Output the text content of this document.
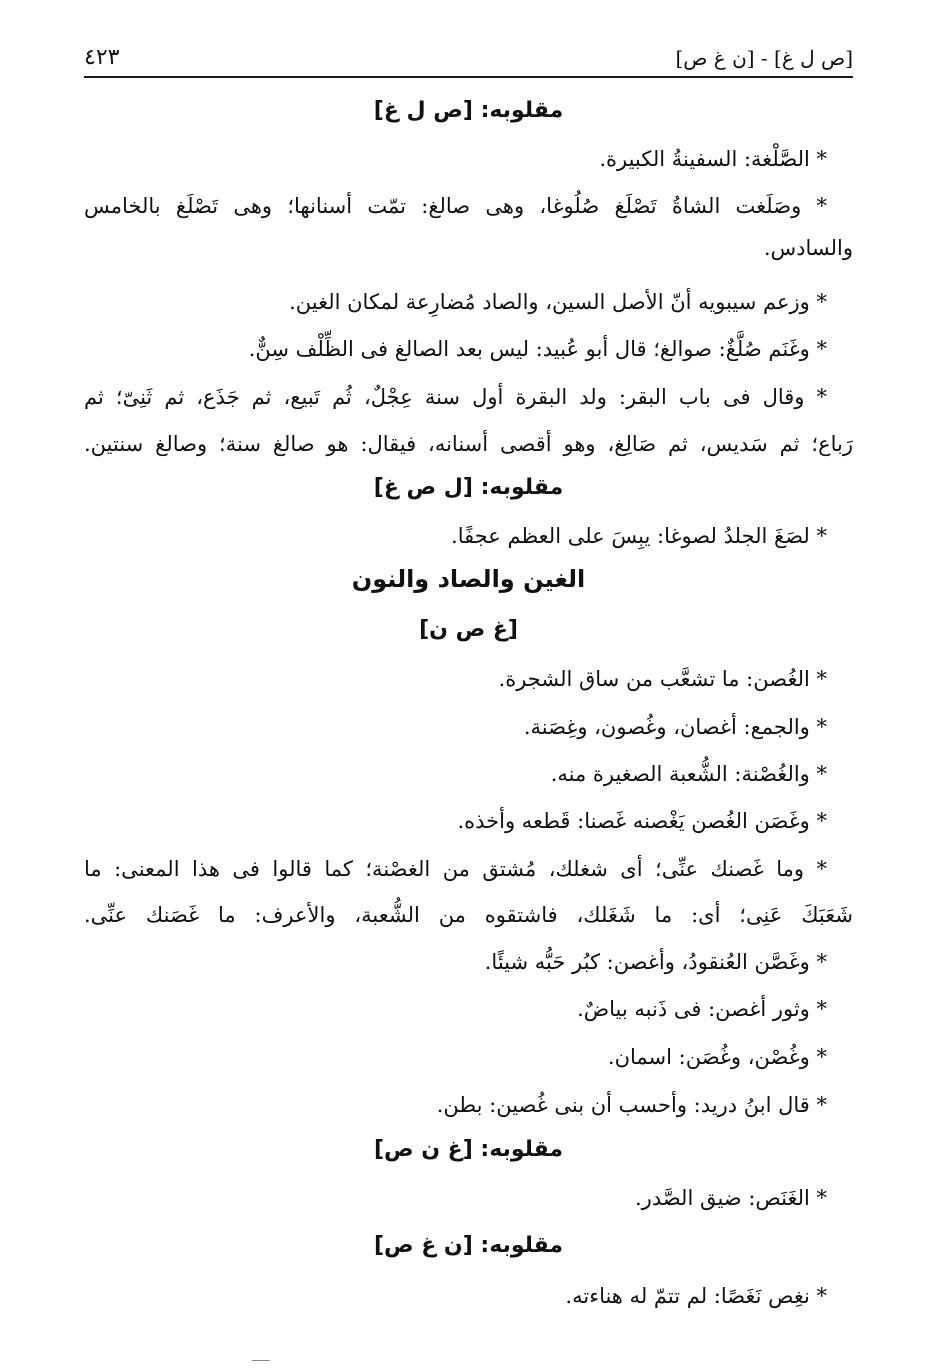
[ص ل غ] - [ن غ ص]
٤٢٣
مقلوبه: [ص ل غ]

* الصَّلْغة: السفينةُ الكبيرة.

* وصَلَغت الشاةُ تَصْلَغ صُلُوغا، وهى صالغ: تمّت أسنانها؛ وهى تَصْلَغ بالخامس

والسادس.

* وزعم سيبويه أنّ الأصل السين، والصاد مُضارِعة لمكان الغين.

* وغَنَم صُلَّغٌ: صوالغ؛ قال أبو عُبيد: ليس بعد الصالغ فى الظِّلْف سِنٌّ.

* وقال فى باب البقر: ولد البقرة أول سنة عِجْلٌ، ثُم تَبيع، ثم جَذَع، ثم ثَنِىّ؛ ثم

رَباع؛ ثم سَديس، ثم صَالِغ، وهو أقصى أسنانه، فيقال: هو صالغ سنة؛ وصالغ سنتين.

مقلوبه: [ل ص غ]

* لصَغَ الجلدُ لصوغا: يبِسَ على العظم عجفًا.

الغين والصاد والنون
[غ ص ن]

* الغُصن: ما تشعَّب من ساق الشجرة.

* والجمع: أغصان، وغُصون، وغِصَنة.

* والغُصْنة: الشُّعبة الصغيرة منه.

* وغَصَن الغُصن يَغْصنه غَصنا: قَطعه وأخذه.

* وما غَصنك عنِّى؛ أى شغلك، مُشتق من الغصْنة؛ كما قالوا فى هذا المعنى: ما

شَعَبَكَ عَنِى؛ أى: ما شَغَلك، فاشتقوه من الشُّعبة، والأعرف: ما غَصَنك عنِّى.

* وغَصَّن العُنقودُ، وأغصن: كبُر حَبُّه شيئًا.

* وثور أغصن: فى ذَنبه بياضٌ.

* وغُصْن، وغُصَن: اسمان.

* قال ابنُ دريد: وأحسب أن بنى غُصين: بطن.

مقلوبه: [غ ن ص]

* الغَنَص: ضيق الصَّدر.

مقلوبه: [ن غ ص]

* نغِص نَغَصًا: لم تتمّ له هناءته.
